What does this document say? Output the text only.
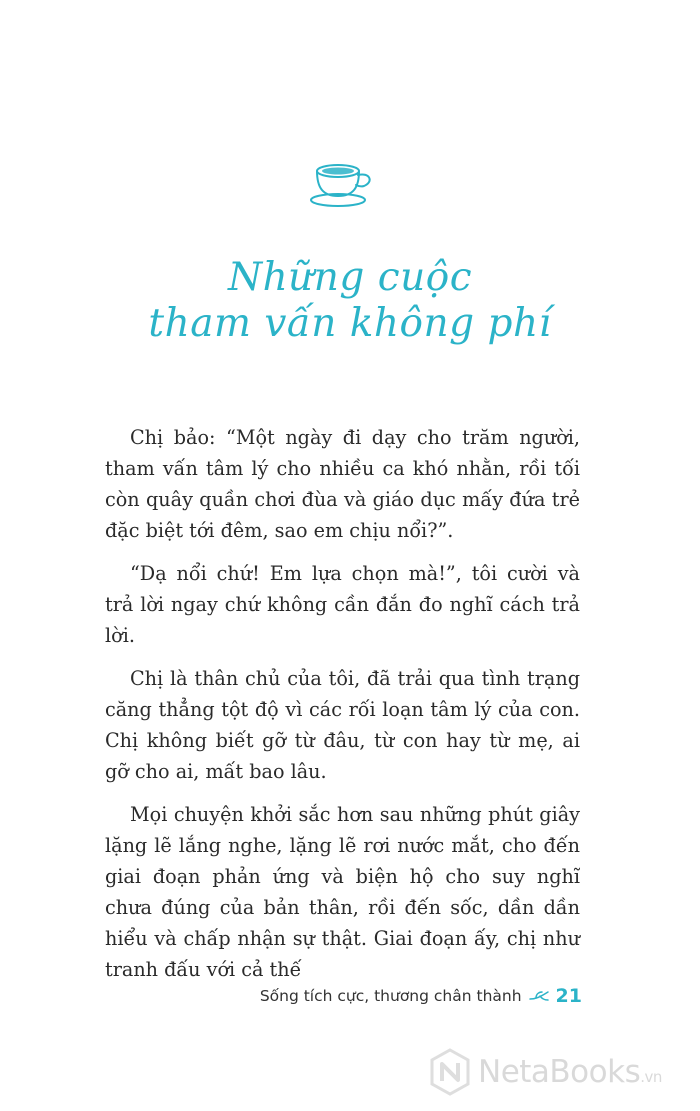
Những cuộc
tham vấn không phí

Chị bảo: “Một ngày đi dạy cho trăm người, tham vấn tâm lý cho nhiều ca khó nhằn, rồi tối còn quây quần chơi đùa và giáo dục mấy đứa trẻ đặc biệt tới đêm, sao em chịu nổi?”.

“Dạ nổi chứ! Em lựa chọn mà!”, tôi cười và trả lời ngay chứ không cần đắn đo nghĩ cách trả lời.

Chị là thân chủ của tôi, đã trải qua tình trạng căng thẳng tột độ vì các rối loạn tâm lý của con. Chị không biết gỡ từ đâu, từ con hay từ mẹ, ai gỡ cho ai, mất bao lâu.

Mọi chuyện khởi sắc hơn sau những phút giây lặng lẽ lắng nghe, lặng lẽ rơi nước mắt, cho đến giai đoạn phản ứng và biện hộ cho suy nghĩ chưa đúng của bản thân, rồi đến sốc, dần dần hiểu và chấp nhận sự thật. Giai đoạn ấy, chị như tranh đấu với cả thế

Sống tích cực, thương chân thành 21
NetaBooks.vn
